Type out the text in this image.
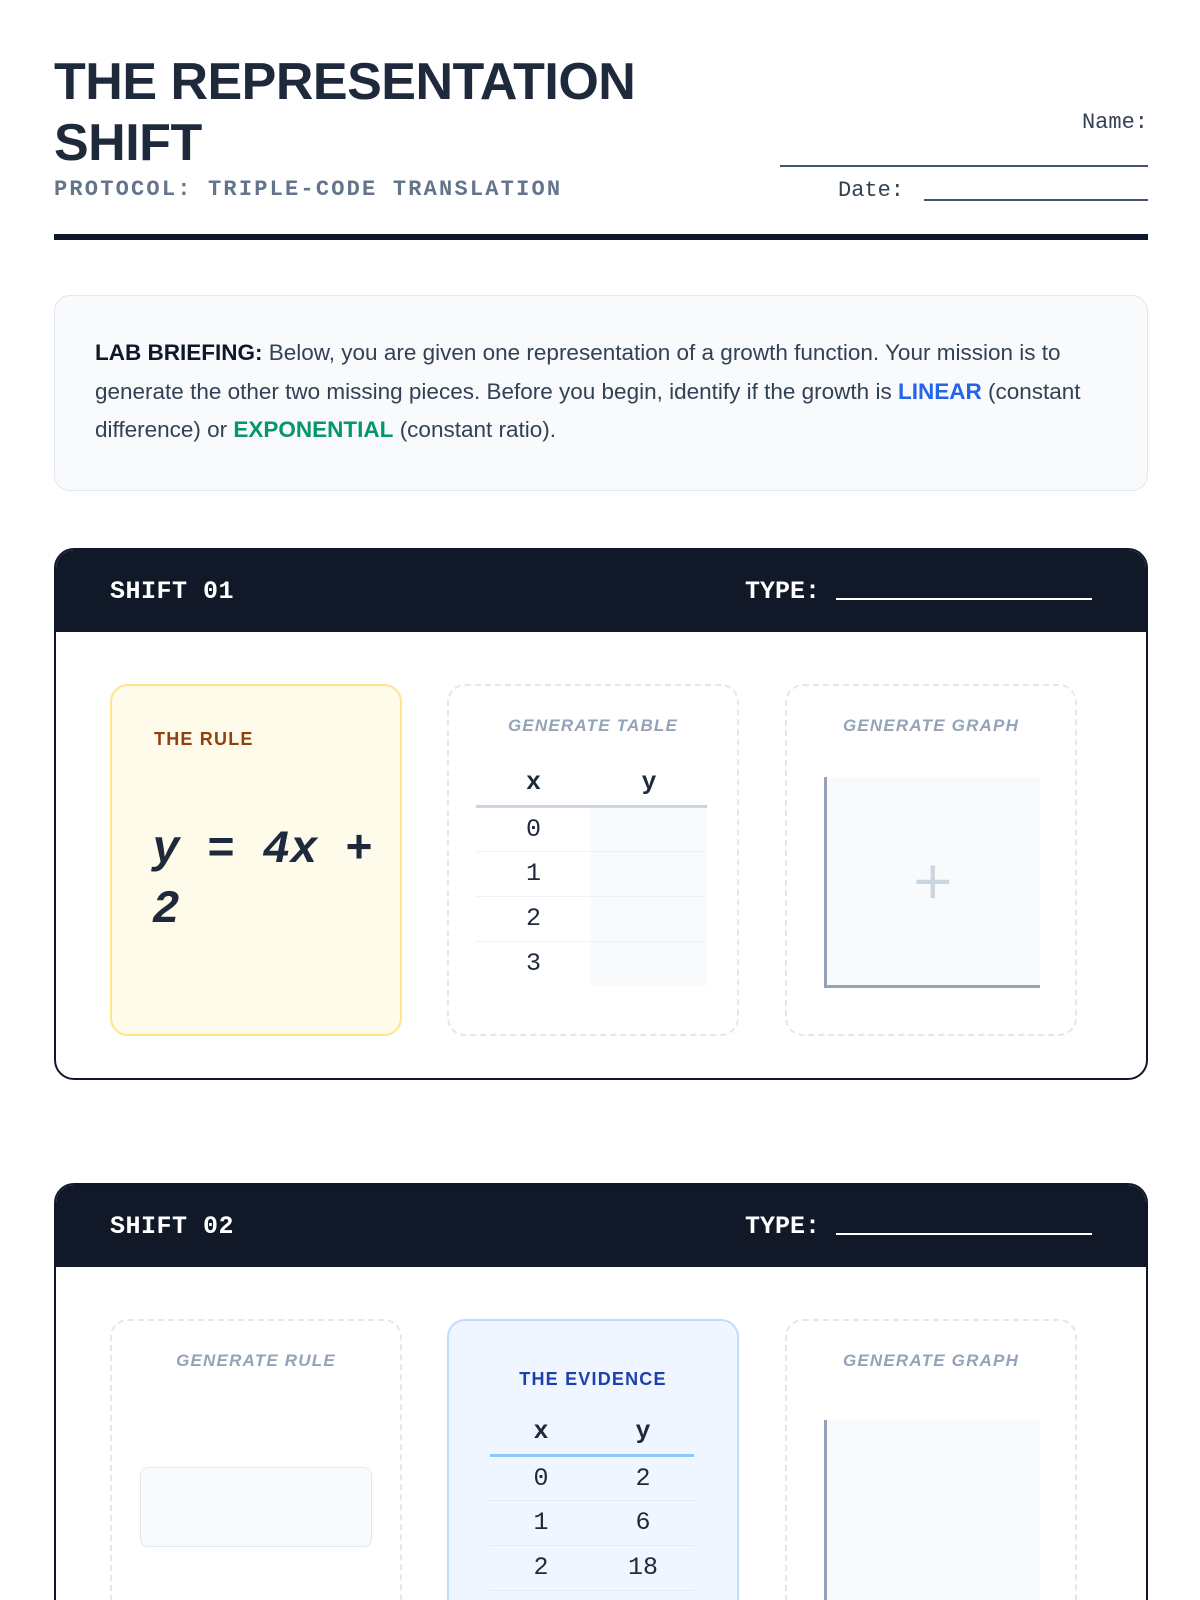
THE REPRESENTATION SHIFT
PROTOCOL: TRIPLE-CODE TRANSLATION
Name:
Date:
LAB BRIEFING: Below, you are given one representation of a growth function. Your mission is to generate the other two missing pieces. Before you begin, identify if the growth is LINEAR (constant difference) or EXPONENTIAL (constant ratio).
SHIFT 01	TYPE:
THE RULE
y = 4x + 2
GENERATE TABLE
x	y
0	
1	
2	
3	
GENERATE GRAPH
+
SHIFT 02	TYPE:
GENERATE RULE
THE EVIDENCE
x	y
0	2
1	6
2	18
GENERATE GRAPH
